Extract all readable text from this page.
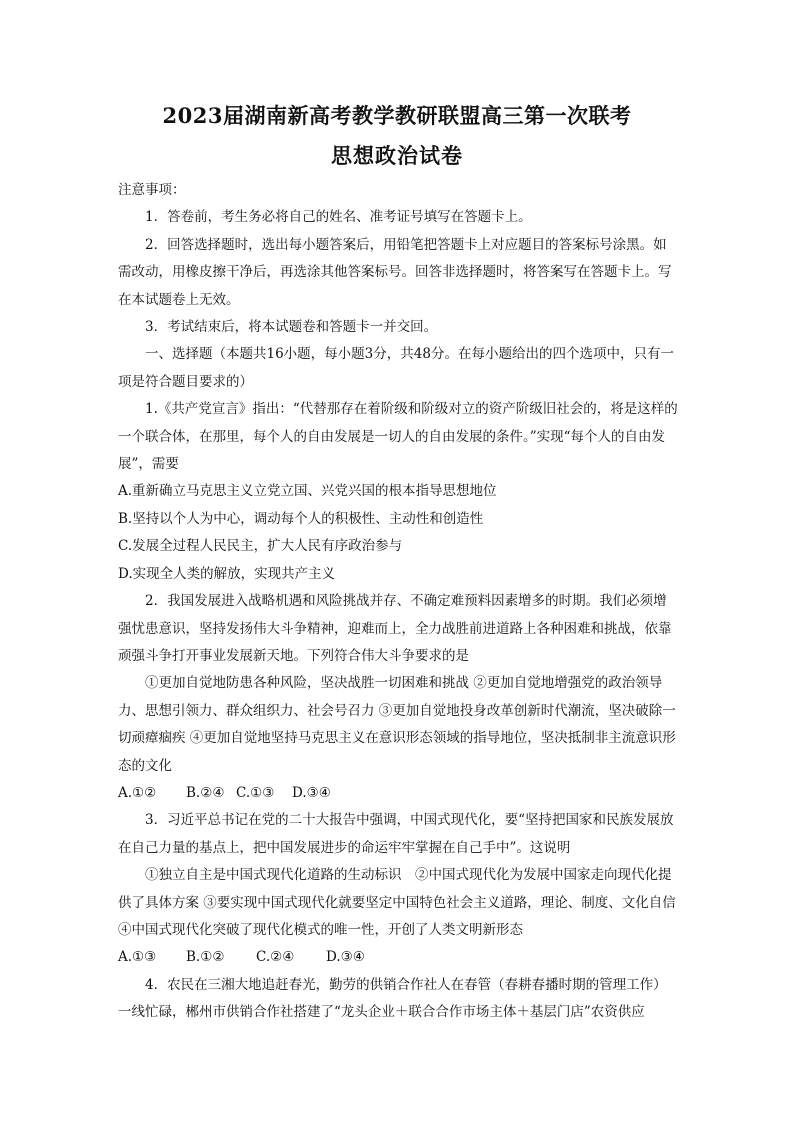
2023届湖南新高考教学教研联盟高三第一次联考
思想政治试卷

注意事项：

1．答卷前，考生务必将自己的姓名、准考证号填写在答题卡上。

2．回答选择题时，选出每小题答案后，用铅笔把答题卡上对应题目的答案标号涂黑。如需改动，用橡皮擦干净后，再选涂其他答案标号。回答非选择题时，将答案写在答题卡上。写在本试题卷上无效。

3．考试结束后，将本试题卷和答题卡一并交回。

一、选择题（本题共16小题，每小题3分，共48分。在每小题给出的四个选项中，只有一项是符合题目要求的）

1.《共产党宣言》指出：“代替那存在着阶级和阶级对立的资产阶级旧社会的，将是这样的一个联合体，在那里，每个人的自由发展是一切人的自由发展的条件。”实现“每个人的自由发展”，需要

A.重新确立马克思主义立党立国、兴党兴国的根本指导思想地位

B.坚持以个人为中心，调动每个人的积极性、主动性和创造性

C.发展全过程人民民主，扩大人民有序政治参与

D.实现全人类的解放，实现共产主义

2．我国发展进入战略机遇和风险挑战并存、不确定难预料因素增多的时期。我们必须增强忧患意识，坚持发扬伟大斗争精神，迎难而上，全力战胜前进道路上各种困难和挑战，依靠顽强斗争打开事业发展新天地。下列符合伟大斗争要求的是

①更加自觉地防患各种风险，坚决战胜一切困难和挑战 ②更加自觉地增强党的政治领导力、思想引领力、群众组织力、社会号召力 ③更加自觉地投身改革创新时代潮流，坚决破除一切顽瘴痼疾 ④更加自觉地坚持马克思主义在意识形态领域的指导地位，坚决抵制非主流意识形态的文化

A.①② B.②④ C.①③ D.③④

3．习近平总书记在党的二十大报告中强调，中国式现代化，要“坚持把国家和民族发展放在自己力量的基点上，把中国发展进步的命运牢牢掌握在自己手中”。这说明

①独立自主是中国式现代化道路的生动标识　②中国式现代化为发展中国家走向现代化提供了具体方案 ③要实现中国式现代化就要坚定中国特色社会主义道路，理论、制度、文化自信④中国式现代化突破了现代化模式的唯一性，开创了人类文明新形态

A.①③ B.①② C.②④ D.③④

4．农民在三湘大地追赶春光，勤劳的供销合作社人在春管（春耕春播时期的管理工作）一线忙碌，郴州市供销合作社搭建了“龙头企业＋联合合作市场主体＋基层门店”农资供应
